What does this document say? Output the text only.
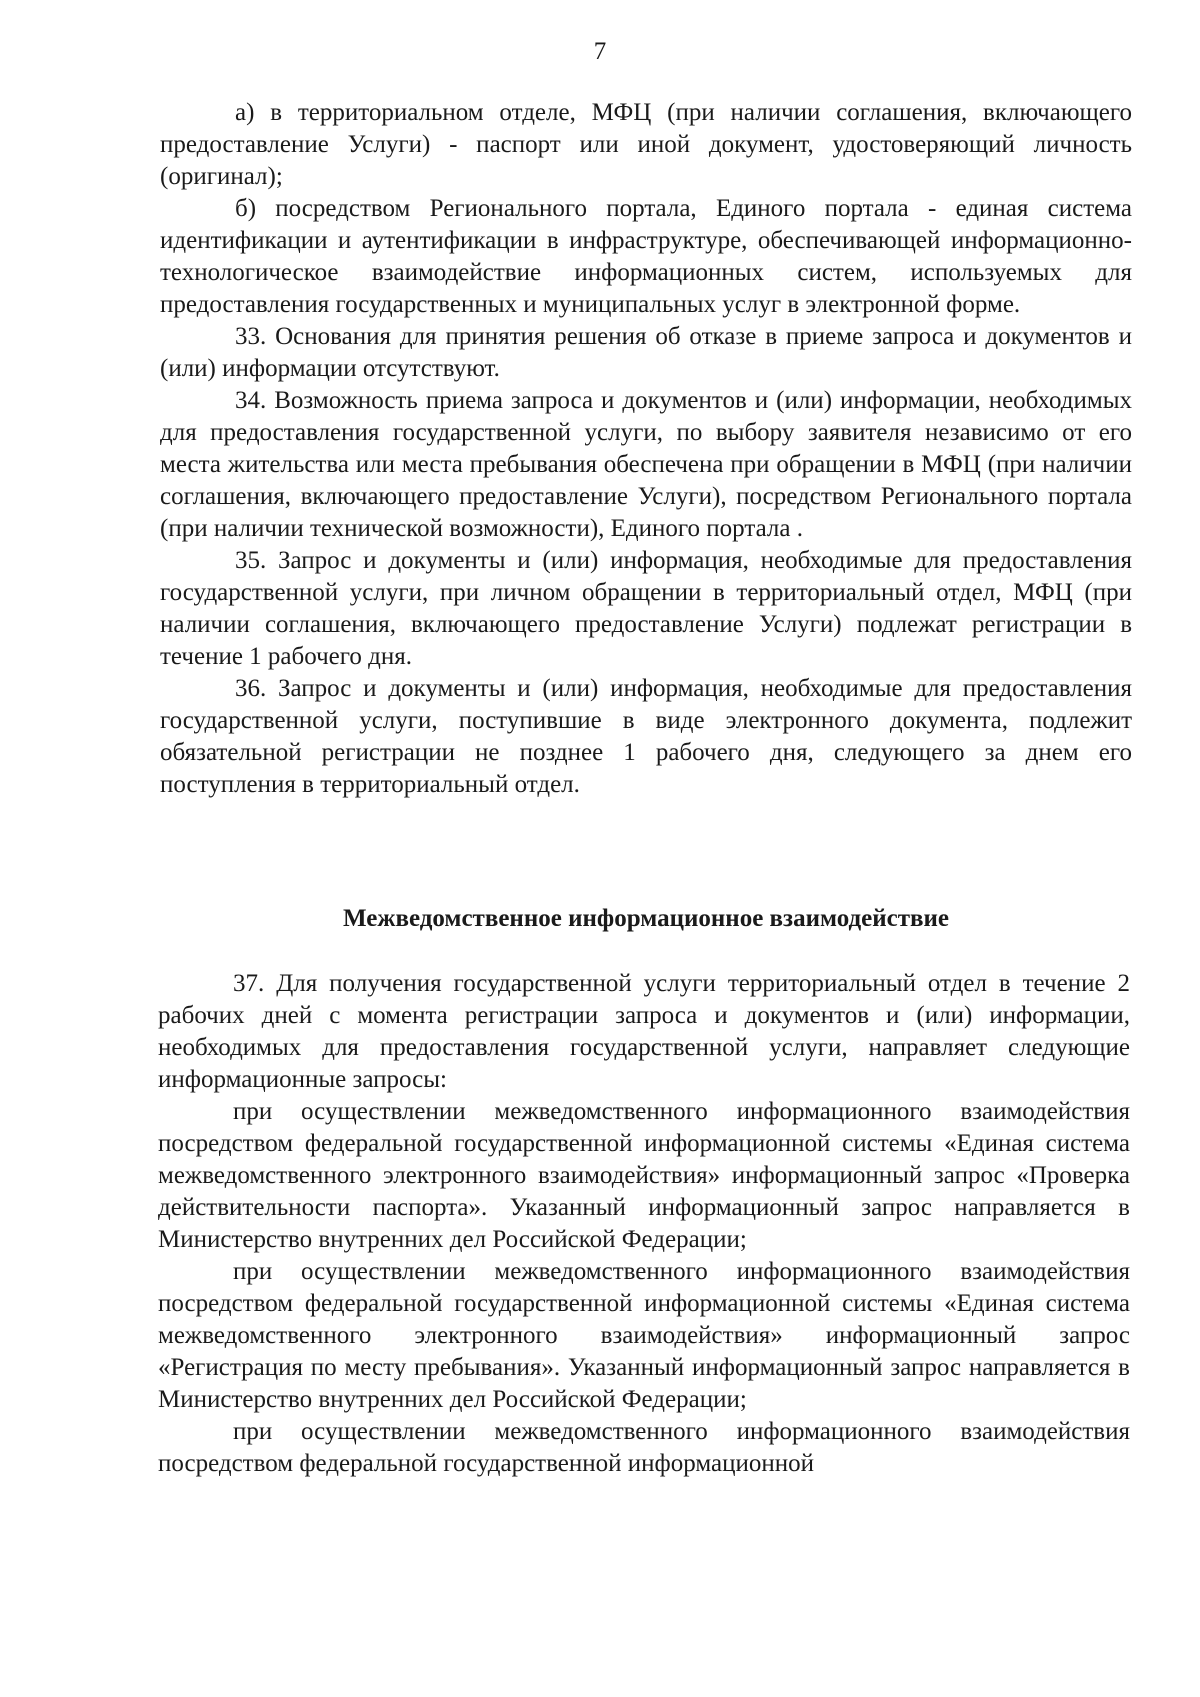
7

а) в территориальном отделе, МФЦ (при наличии соглашения, включающего предоставление Услуги) - паспорт или иной документ, удостоверяющий личность (оригинал);

б) посредством Регионального портала, Единого портала - единая система идентификации и аутентификации в инфраструктуре, обеспечивающей информационно-технологическое взаимодействие информационных систем, используемых для предоставления государственных и муниципальных услуг в электронной форме.

33. Основания для принятия решения об отказе в приеме запроса и документов и (или) информации отсутствуют.

34. Возможность приема запроса и документов и (или) информации, необходимых для предоставления государственной услуги, по выбору заявителя независимо от его места жительства или места пребывания обеспечена при обращении в МФЦ (при наличии соглашения, включающего предоставление Услуги), посредством Регионального портала (при наличии технической возможности), Единого портала .

35. Запрос и документы и (или) информация, необходимые для предоставления государственной услуги, при личном обращении в территориальный отдел, МФЦ (при наличии соглашения, включающего предоставление Услуги) подлежат регистрации в течение 1 рабочего дня.

36. Запрос и документы и (или) информация, необходимые для предоставления государственной услуги, поступившие в виде электронного документа, подлежит обязательной регистрации не позднее 1 рабочего дня, следующего за днем его поступления в территориальный отдел.

Межведомственное информационное взаимодействие

37. Для получения государственной услуги территориальный отдел в течение 2 рабочих дней с момента регистрации запроса и документов и (или) информации, необходимых для предоставления государственной услуги, направляет следующие информационные запросы:

при осуществлении межведомственного информационного взаимодействия посредством федеральной государственной информационной системы «Единая система межведомственного электронного взаимодействия» информационный запрос «Проверка действительности паспорта». Указанный информационный запрос направляется в Министерство внутренних дел Российской Федерации;

при осуществлении межведомственного информационного взаимодействия посредством федеральной государственной информационной системы «Единая система межведомственного электронного взаимодействия» информационный запрос «Регистрация по месту пребывания». Указанный информационный запрос направляется в Министерство внутренних дел Российской Федерации;

при осуществлении межведомственного информационного взаимодействия посредством федеральной государственной информационной
